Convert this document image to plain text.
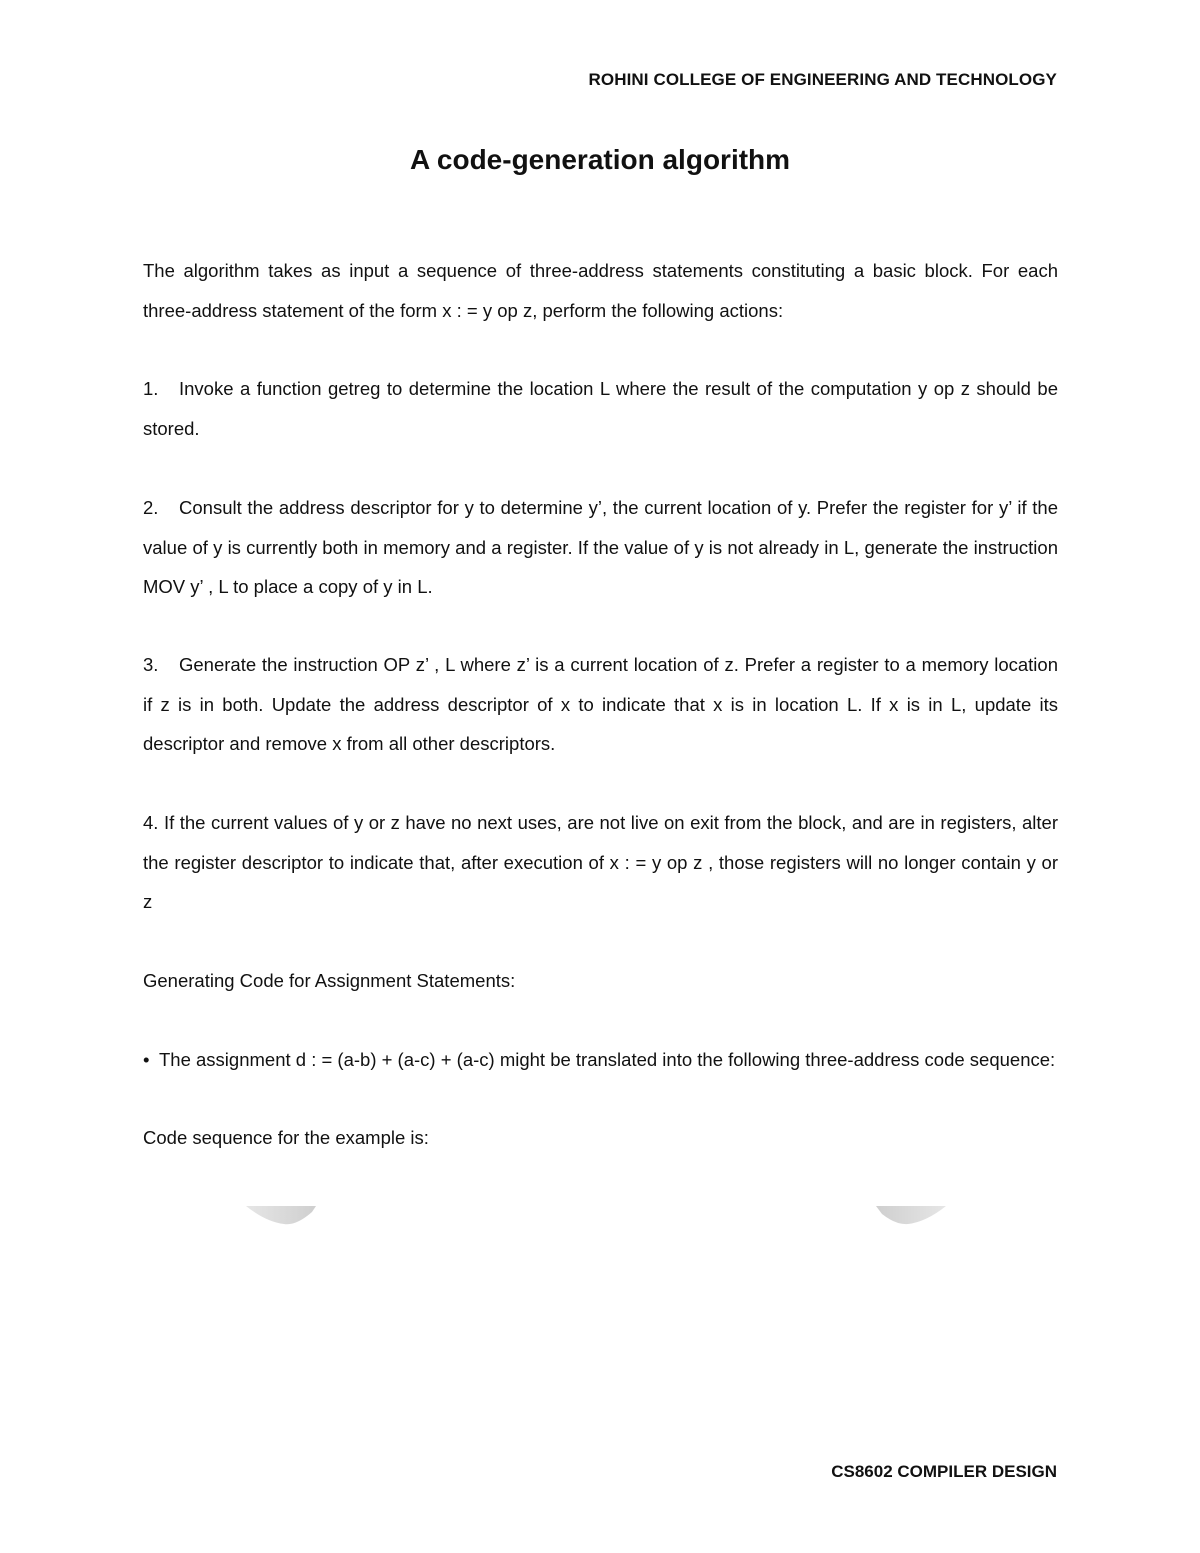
ROHINI COLLEGE OF ENGINEERING AND TECHNOLOGY
A code-generation algorithm
The algorithm takes as input a sequence of three-address statements constituting a basic block. For each three-address statement of the form x : = y op z, perform the following actions:
1. Invoke a function getreg to determine the location L where the result of the computation y op z should be stored.
2. Consult the address descriptor for y to determine y’, the current location of y. Prefer the register for y’ if the value of y is currently both in memory and a register. If the value of y is not already in L, generate the instruction MOV y’ , L to place a copy of y in L.
3. Generate the instruction OP z’ , L where z’ is a current location of z. Prefer a register to a memory location if z is in both. Update the address descriptor of x to indicate that x is in location L. If x is in L, update its descriptor and remove x from all other descriptors.
4. If the current values of y or z have no next uses, are not live on exit from the block, and are in registers, alter the register descriptor to indicate that, after execution of x : = y op z , those registers will no longer contain y or z
Generating Code for Assignment Statements:
• The assignment d : = (a-b) + (a-c) + (a-c) might be translated into the following three-address code sequence:
Code sequence for the example is:
CS8602 COMPILER DESIGN
